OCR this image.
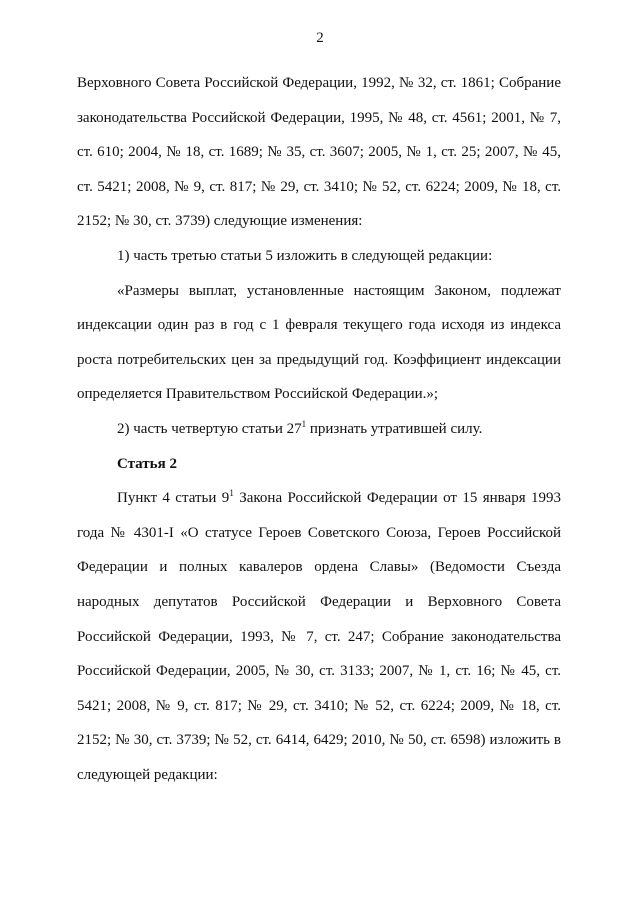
2

Верховного Совета Российской Федерации, 1992, № 32, ст. 1861; Собрание законодательства Российской Федерации, 1995, № 48, ст. 4561; 2001, № 7, ст. 610; 2004, № 18, ст. 1689; № 35, ст. 3607; 2005, № 1, ст. 25; 2007, № 45, ст. 5421; 2008, № 9, ст. 817; № 29, ст. 3410; № 52, ст. 6224; 2009, № 18, ст. 2152; № 30, ст. 3739) следующие изменения:

1) часть третью статьи 5 изложить в следующей редакции:

«Размеры выплат, установленные настоящим Законом, подлежат индексации один раз в год с 1 февраля текущего года исходя из индекса роста потребительских цен за предыдущий год. Коэффициент индексации определяется Правительством Российской Федерации.»;

2) часть четвертую статьи $27^1$ признать утратившей силу.

Статья 2

Пункт 4 статьи $9^1$ Закона Российской Федерации от 15 января 1993 года № 4301-I «О статусе Героев Советского Союза, Героев Российской Федерации и полных кавалеров ордена Славы» (Ведомости Съезда народных депутатов Российской Федерации и Верховного Совета Российской Федерации, 1993, № 7, ст. 247; Собрание законодательства Российской Федерации, 2005, № 30, ст. 3133; 2007, № 1, ст. 16; № 45, ст. 5421; 2008, № 9, ст. 817; № 29, ст. 3410; № 52, ст. 6224; 2009, № 18, ст. 2152; № 30, ст. 3739; № 52, ст. 6414, 6429; 2010, № 50, ст. 6598) изложить в следующей редакции:
